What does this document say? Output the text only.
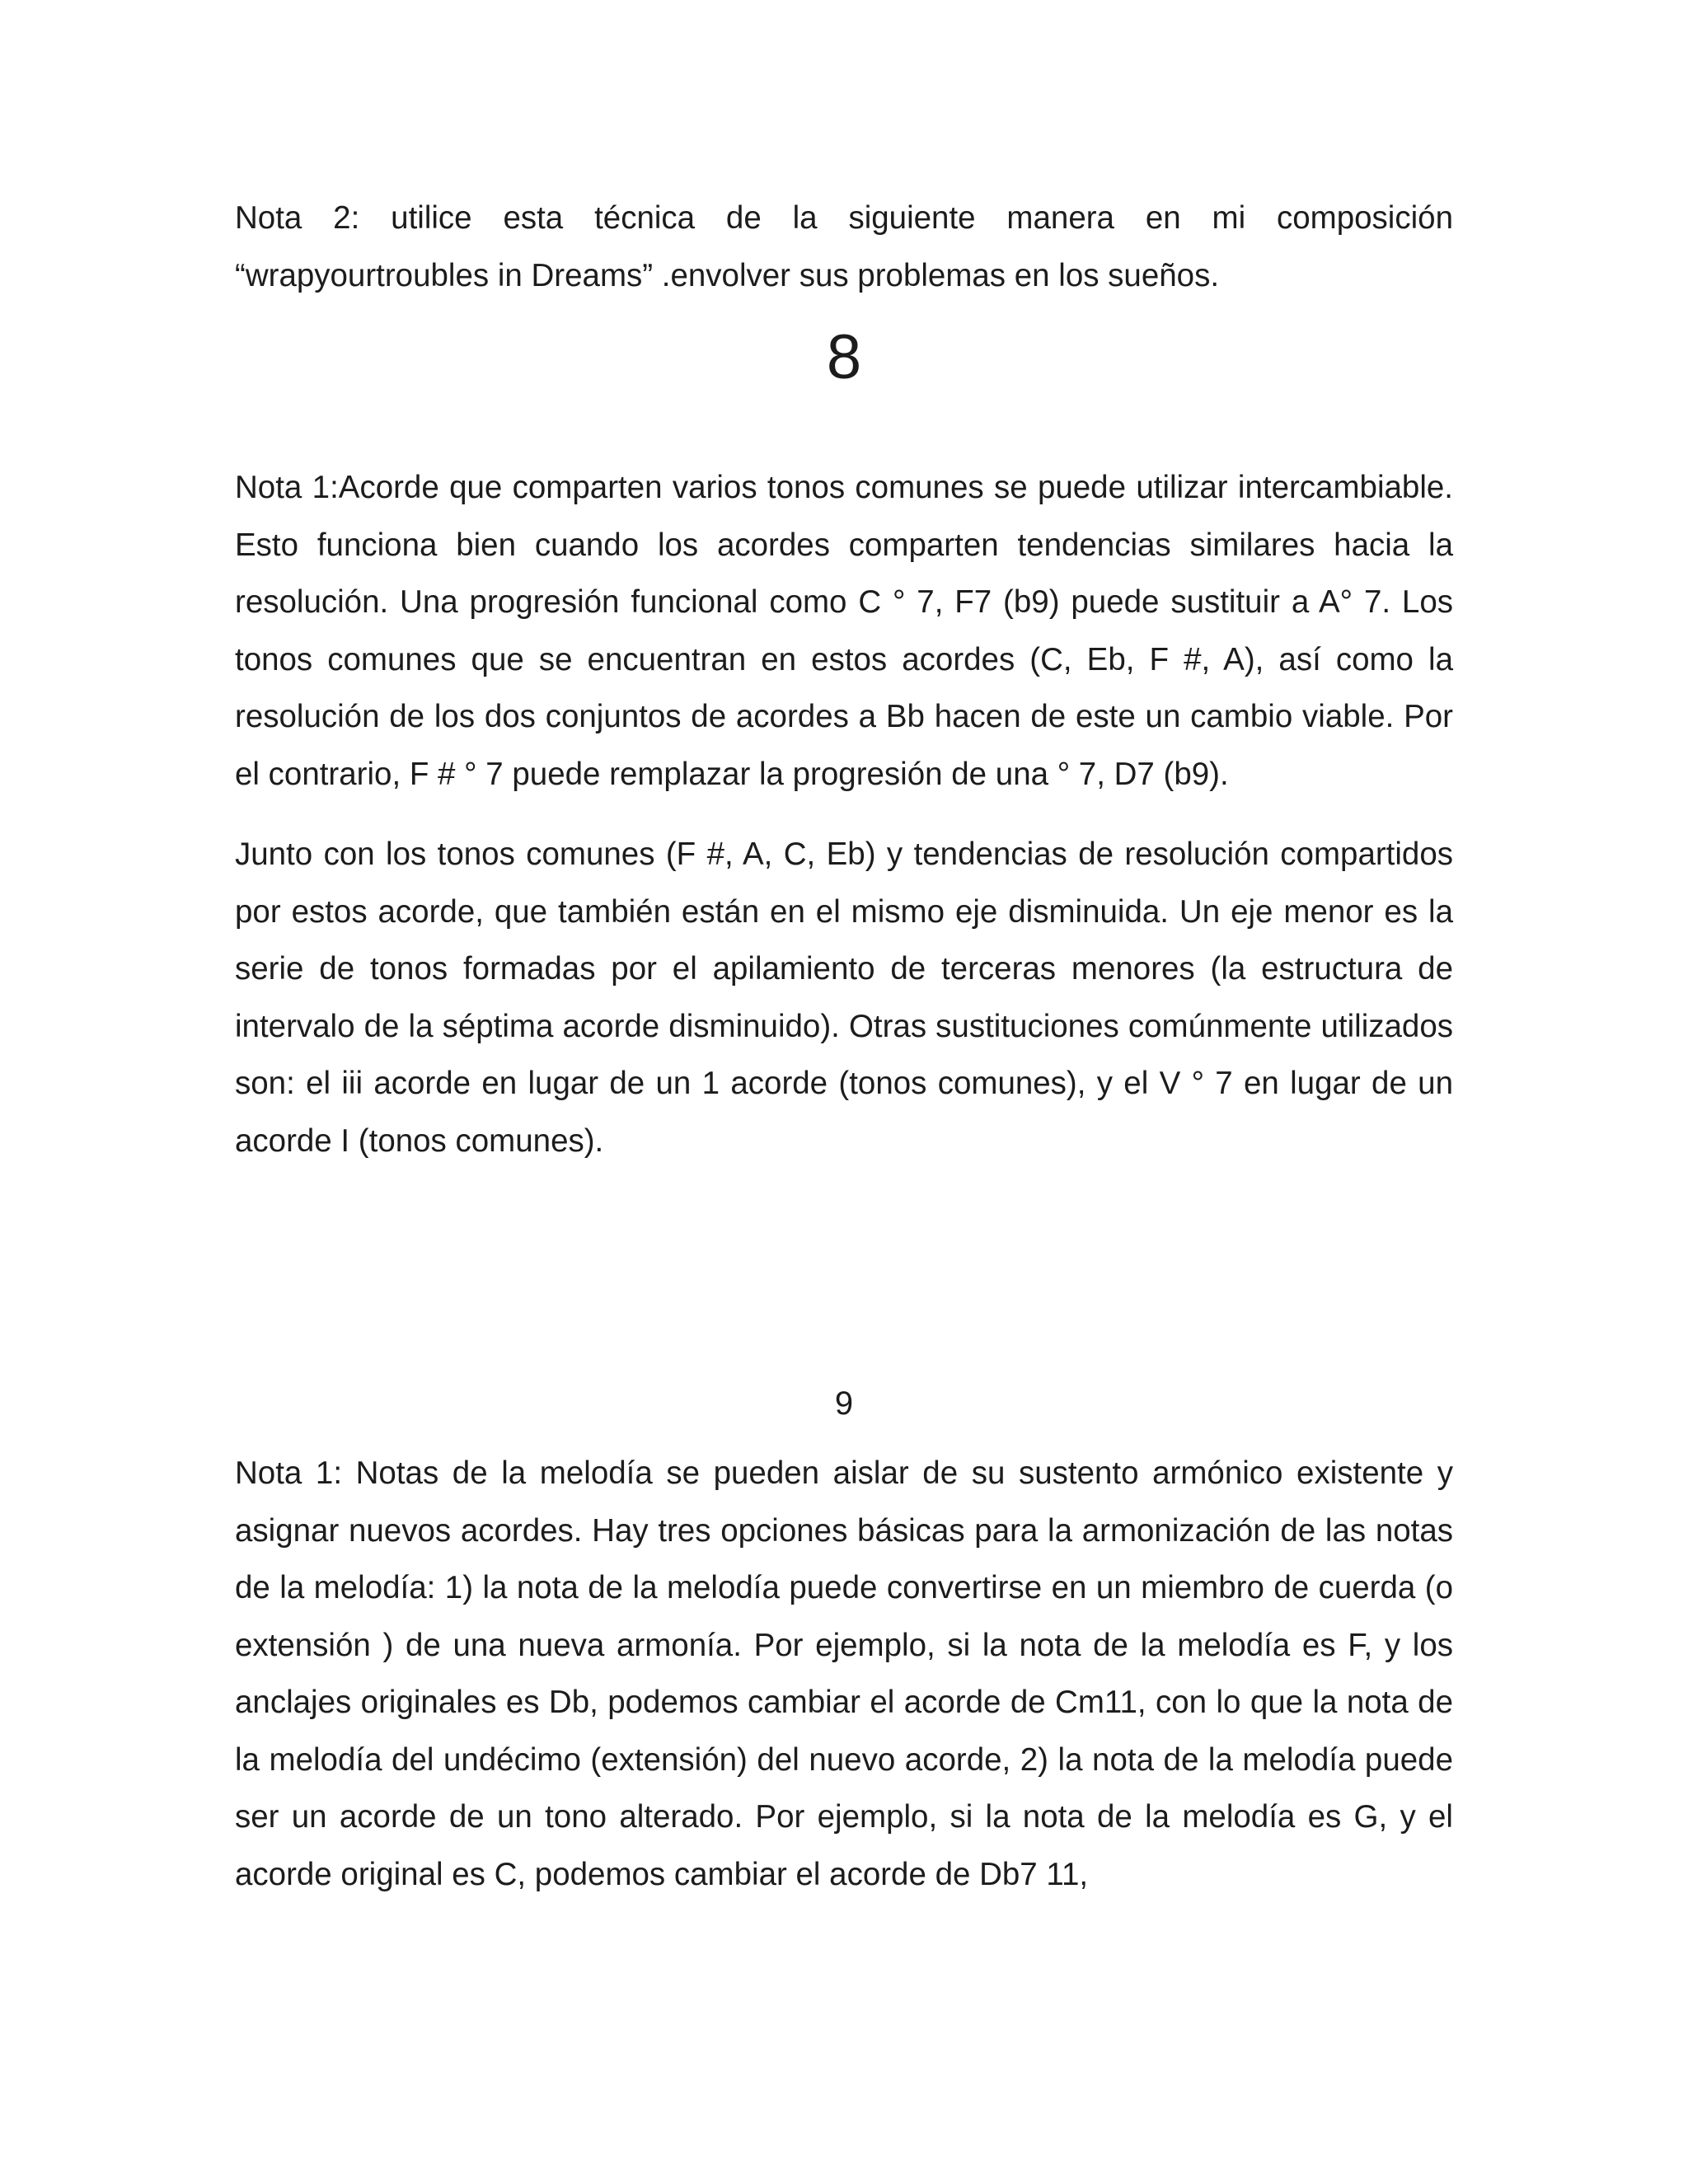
Nota 2: utilice esta técnica de la siguiente manera en mi composición “wrapyourtroubles in Dreams” .envolver sus problemas en los sueños.

8

Nota 1:Acorde que comparten varios tonos comunes se puede utilizar intercambiable. Esto funciona bien cuando los acordes comparten tendencias similares hacia la resolución. Una progresión funcional como C ° 7, F7 (b9) puede sustituir a A° 7. Los tonos comunes que se encuentran en estos acordes (C, Eb, F #, A), así como la resolución de los dos conjuntos de acordes a Bb hacen de este un cambio viable. Por el contrario, F # ° 7 puede remplazar la progresión de una ° 7, D7 (b9).

Junto con los tonos comunes (F #, A, C, Eb) y tendencias de resolución compartidos por estos acorde, que también están en el mismo eje disminuida. Un eje menor es la serie de tonos formadas por el apilamiento de terceras menores (la estructura de intervalo de la séptima acorde disminuido). Otras sustituciones comúnmente utilizados son: el iii acorde en lugar de un 1 acorde (tonos comunes), y el V ° 7 en lugar de un acorde I (tonos comunes).

9

Nota 1: Notas de la melodía se pueden aislar de su sustento armónico existente y asignar nuevos acordes. Hay tres opciones básicas para la armonización de las notas de la melodía: 1) la nota de la melodía puede convertirse en un miembro de cuerda (o extensión ) de una nueva armonía. Por ejemplo, si la nota de la melodía es F, y los anclajes originales es Db, podemos cambiar el acorde de Cm11, con lo que la nota de la melodía del undécimo (extensión) del nuevo acorde, 2) la nota de la melodía puede ser un acorde de un tono alterado. Por ejemplo, si la nota de la melodía es G, y el acorde original es C, podemos cambiar el acorde de Db7 11,
